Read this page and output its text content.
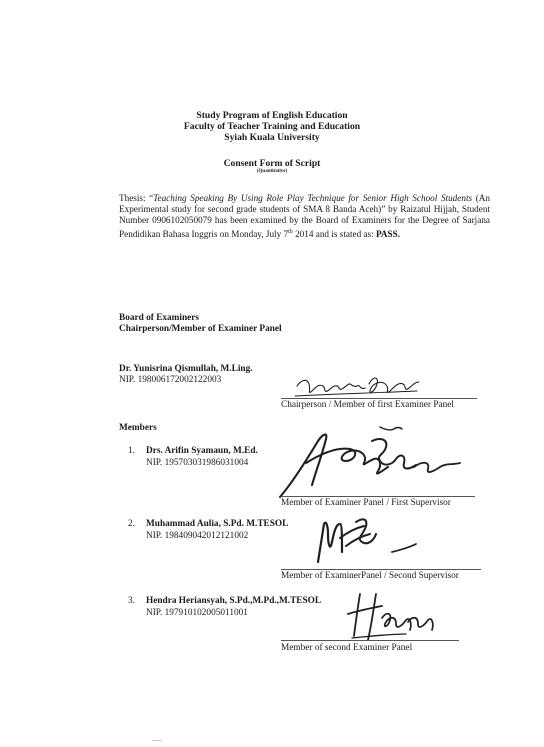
Study Program of English Education
Faculty of Teacher Training and Education
Syiah Kuala University
Consent Form of Script
(Quantitative)

Thesis: “Teaching Speaking By Using Role Play Technique for Senior High School Students (An Experimental study for second grade students of SMA 8 Banda Aceh)” by Raizatul Hijjah, Student Number 0906102050079 has been examined by the Board of Examiners for the Degree of Sarjana Pendidikan Bahasa Inggris on Monday, July 7th 2014 and is stated as: PASS.

Board of Examiners
Chairperson/Member of Examiner Panel
Dr. Yunisrina Qismullah, M.Ling.
NIP. 198006172002122003
Chairperson / Member of first Examiner Panel
Members
1. Drs. Arifin Syamaun, M.Ed.
NIP. 195703031986031004
Member of Examiner Panel / First Supervisor
2. Muhammad Aulia, S.Pd. M.TESOL
NIP. 198409042012121002
Member of ExaminerPanel / Second Supervisor
3. Hendra Heriansyah, S.Pd.,M.Pd.,M.TESOL
NIP. 197910102005011001
Member of second Examiner Panel
